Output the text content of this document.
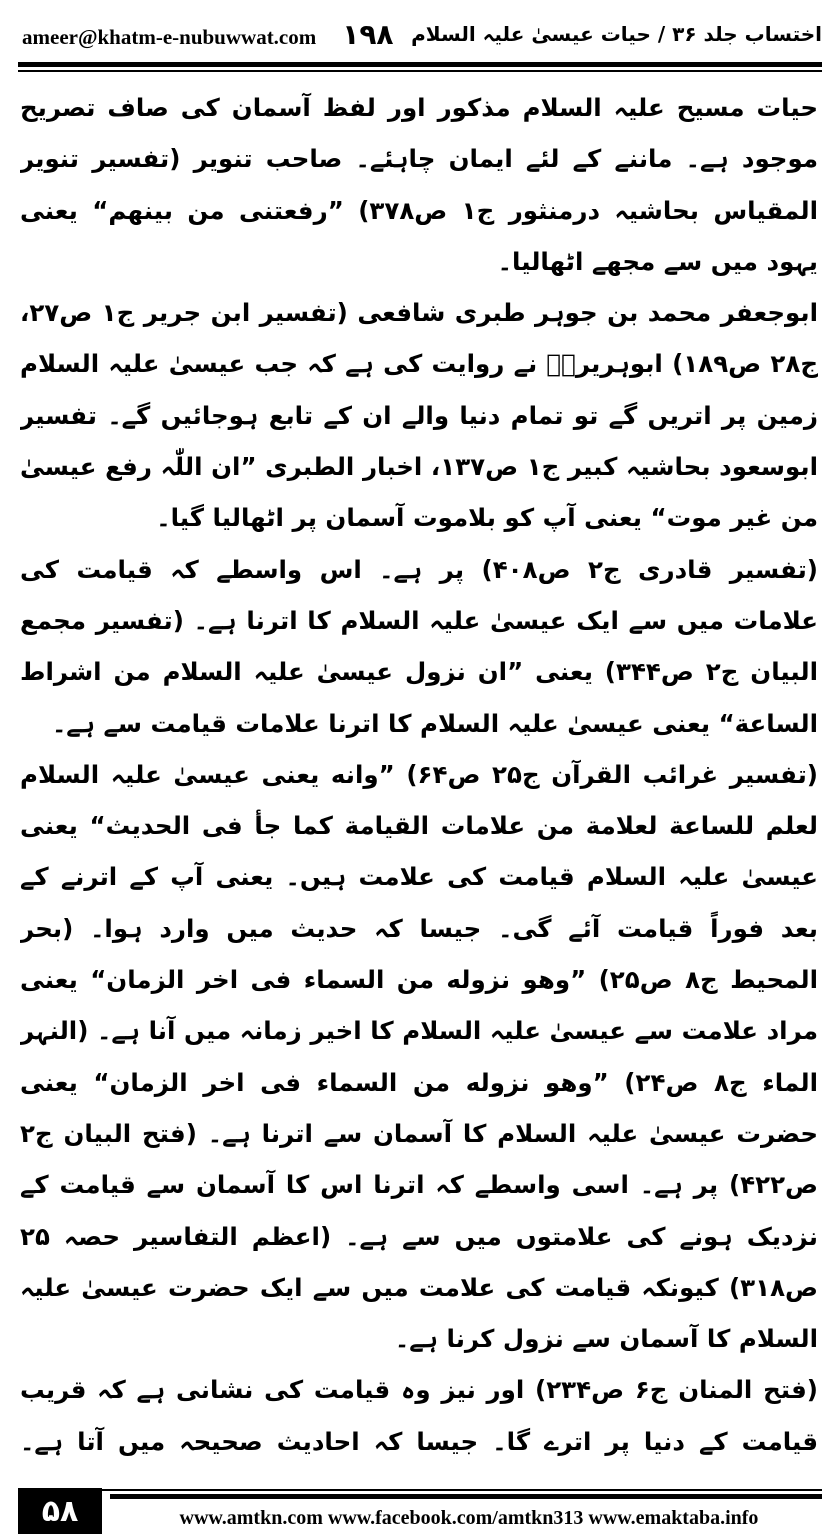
ameer@khatm-e-nubuwwat.com ۱۹۸ اختساب جلد ۳۶ / حیات عیسیٰ علیہ السلام

حیات مسیح علیہ السلام مذکور اور لفظ آسمان کی صاف تصریح موجود ہے۔ ماننے کے لئے ایمان چاہئے۔ صاحب تنویر (تفسیر تنویر المقیاس بحاشیہ درمنثور ج۱ ص۳۷۸) ”رفعتنی من بینهم“ یعنی یہود میں سے مجھے اٹھالیا۔

ابوجعفر محمد بن جوہر طبری شافعی (تفسیر ابن جریر ج۱ ص۲۷، ج۲۸ ص۱۸۹) ابوہریرہؓ نے روایت کی ہے کہ جب عیسیٰ علیہ السلام زمین پر اتریں گے تو تمام دنیا والے ان کے تابع ہوجائیں گے۔ تفسیر ابوسعود بحاشیہ کبیر ج۱ ص۱۳۷، اخبار الطبری ”ان اللّٰہ رفع عیسیٰ من غیر موت“ یعنی آپ کو بلاموت آسمان پر اٹھالیا گیا۔

(تفسیر قادری ج۲ ص۴۰۸) پر ہے۔ اس واسطے کہ قیامت کی علامات میں سے ایک عیسیٰ علیہ السلام کا اترنا ہے۔ (تفسیر مجمع البیان ج۲ ص۳۴۴) یعنی ”ان نزول عیسیٰ علیہ السلام من اشراط الساعة“ یعنی عیسیٰ علیہ السلام کا اترنا علامات قیامت سے ہے۔

(تفسیر غرائب القرآن ج۲۵ ص۶۴) ”وانه یعنی عیسیٰ علیہ السلام لعلم للساعة لعلامة من علامات القیامة کما جأ فی الحدیث“ یعنی عیسیٰ علیہ السلام قیامت کی علامت ہیں۔ یعنی آپ کے اترنے کے بعد فوراً قیامت آئے گی۔ جیسا کہ حدیث میں وارد ہوا۔ (بحر المحیط ج۸ ص۲۵) ”وهو نزوله من السماء فی اخر الزمان“ یعنی مراد علامت سے عیسیٰ علیہ السلام کا اخیر زمانہ میں آنا ہے۔ (النہر الماء ج۸ ص۲۴) ”وهو نزوله من السماء فی اخر الزمان“ یعنی حضرت عیسیٰ علیہ السلام کا آسمان سے اترنا ہے۔ (فتح البیان ج۲ ص۴۲۲) پر ہے۔ اسی واسطے کہ اترنا اس کا آسمان سے قیامت کے نزدیک ہونے کی علامتوں میں سے ہے۔ (اعظم التفاسیر حصہ ۲۵ ص۳۱۸) کیونکہ قیامت کی علامت میں سے ایک حضرت عیسیٰ علیہ السلام کا آسمان سے نزول کرنا ہے۔

(فتح المنان ج۶ ص۲۳۴) اور نیز وہ قیامت کی نشانی ہے کہ قریب قیامت کے دنیا پر اترے گا۔ جیسا کہ احادیث صحیحہ میں آتا ہے۔

۵۸	www.amtkn.com www.facebook.com/amtkn313 www.emaktaba.info
